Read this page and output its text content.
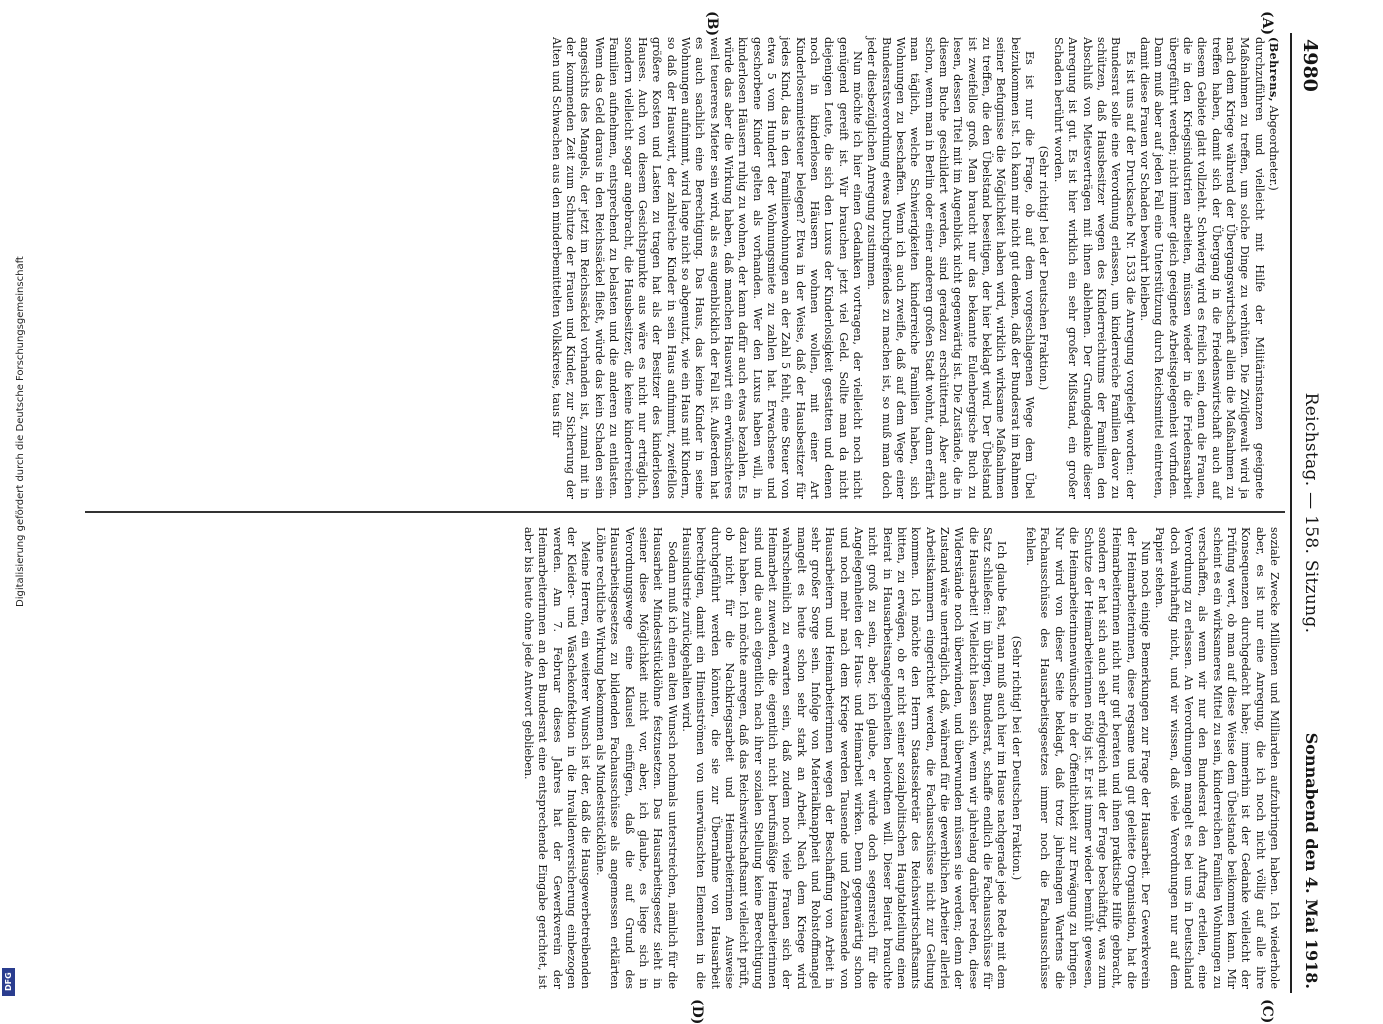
4980
Reichstag. — 158. Sitzung.
Sonnabend den 4. Mai 1918.
(A)
(B)
(C)
(D)

(Behrens, Abgeordneter.)

durchzuführen und vielleicht mit Hilfe der Militärinstanzen geeignete Maßnahmen zu treffen, um solche Dinge zu verhüten. Die Zivilgewalt wird ja nach dem Kriege während der Übergangswirtschaft allein die Maßnahmen zu treffen haben, damit sich der Übergang in die Friedenswirtschaft auch auf diesem Gebiete glatt vollzieht. Schwierig wird es freilich sein, denn die Frauen, die in den Kriegsindustrien arbeiten, müssen wieder in die Friedensarbeit übergeführt werden; nicht immer gleich geeignete Arbeitsgelegenheit vorfinden. Dann muß aber auf jeden Fall eine Unterstützung durch Reichsmittel eintreten, damit diese Frauen vor Schaden bewahrt bleiben.

Es ist uns auf der Drucksache Nr. 1533 die Anregung vorgelegt worden: der Bundesrat solle eine Verordnung erlassen, um kinderreiche Familien davor zu schützen, daß Hausbesitzer wegen des Kinderreichtums der Familien den Abschluß von Mietsverträgen mit ihnen ablehnen. Der Grundgedanke dieser Anregung ist gut. Es ist hier wirklich ein sehr großer Mißstand, ein großer Schaden berührt worden.

(Sehr richtig! bei der Deutschen Fraktion.)

Es ist nur die Frage, ob auf dem vorgeschlagenen Wege dem Übel beizukommen ist. Ich kann mir nicht gut denken, daß der Bundesrat im Rahmen seiner Befugnisse die Möglichkeit haben wird, wirklich wirksame Maßnahmen zu treffen, die den Übelstand beseitigen, der hier beklagt wird. Der Übelstand ist zweifellos groß. Man braucht nur das bekannte Eulenbergische Buch zu lesen, dessen Titel mit im Augenblick nicht gegenwärtig ist. Die Zustände, die in diesem Buche geschildert werden, sind geradezu erschütternd. Aber auch schon, wenn man in Berlin oder einer anderen großen Stadt wohnt, dann erfährt man täglich, welche Schwierigkeiten kinderreiche Familien haben, sich Wohnungen zu beschaffen. Wenn ich auch zweifle, daß auf dem Wege einer Bundesratsverordnung etwas Durchgreifendes zu machen ist, so muß man doch jeder diesbezüglichen Anregung zustimmen.

Nun möchte ich hier einen Gedanken vortragen, der vielleicht noch nicht genügend gereift ist. Wir brauchen jetzt viel Geld. Sollte man da nicht diejenigen Leute, die sich den Luxus der Kinderlosigkeit gestatten und denen noch in kinderlosen Häusern wohnen wollen, mit einer Art Kinderlosenmietsteuer belegen? Etwa in der Weise, daß der Hausbesitzer für jedes Kind, das in den Familienwohnungen an der Zahl 5 fehlt, eine Steuer von etwa 5 vom Hundert der Wohnungsmiete zu zahlen hat. Erwachsene und geschorbene Kinder gelten als vorhanden. Wer den Luxus haben will, in kinderlosen Häusern ruhig zu wohnen, der kann dafür auch etwas bezahlen. Es würde das aber die Wirkung haben, daß manchen Hauswirt ein erwünschteres weil teuereres Mieter sein wird, als es augenblicklich der Fall ist. Außerdem hat es auch sachlich eine Berechtigung. Das Haus, das keine Kinder in seine Wohnungen aufnimmt, wird lange nicht so abgenutzt, wie ein Haus mit Kindern, so daß der Hauswirt, der zahlreiche Kinder in sein Haus aufnimmt, zweifellos größere Kosten und Lasten zu tragen hat als der Besitzer des kinderlosen Hauses. Auch von diesem Gesichtspunkte aus wäre es nicht nur erträglich, sondern vielleicht sogar angebracht, die Hausbesitzer, die keine kinderreichen Familien aufnehmen, entsprechend zu belasten und die anderen zu entlasten. Wenn das Geld daraus in den Reichssäckel fließt, würde das kein Schaden sein angesichts des Mangels, der jetzt im Reichssäckel vorhanden ist, zumal mit in der kommenden Zeit zum Schutze der Frauen und Kinder, zur Sicherung der Alten und Schwachen aus den minderbemittelten Volkskreise, taus für

soziale Zwecke Millionen und Milliarden aufzubringen haben. Ich wiederhole aber, es ist nur eine Anregung, die ich noch nicht völlig auf alle ihre Konsequenzen durchgedacht habe; immerhin ist der Gedanke vielleicht der Prüfung wert, ob man auf diese Weise dem Übelstande beikommen kann. Mir scheint es ein wirksameres Mittel zu sein, kinderreichen Familien Wohnungen zu verschaffen, als wenn wir nur den Bundesrat den Auftrag erteilen, eine Verordnung zu erlassen. An Verordnungen mangelt es bei uns in Deutschland doch wahrhaftig nicht, und wir wissen, daß viele Verordnungen nur auf dem Papier stehen.

Nun noch einige Bemerkungen zur Frage der Hausarbeit. Der Gewerkverein der Heimarbeiterinnen, diese regsame und gut geleitete Organisation, hat die Heimarbeiterinnen nicht nur gut beraten und ihnen praktische Hilfe gebracht, sondern er hat sich auch sehr erfolgreich mit der Frage beschäftigt, was zum Schutze der Heimarbeiterinnen nötig ist. Er ist immer wieder bemüht gewesen, die Heimarbeiterinnenwünsche in der Öffentlichkeit zur Erwägung zu bringen. Nur wird von dieser Seite beklagt, daß trotz jahrelangen Wartens die Fachausschüsse des Hausarbeitsgesetzes immer noch die Fachausschüsse fehlen.

(Sehr richtig! bei der Deutschen Fraktion.)

Ich glaube fast, man muß auch hier im Hause nachgerade jede Rede mit dem Satz schließen: im übrigen, Bundesrat, schaffe endlich die Fachausschüsse für die Hausarbeit! Vielleicht lassen sich, wenn wir jahrelang darüber reden, diese Widerstände noch überwinden, und überwunden müssen sie werden; denn der Zustand wäre unerträglich, daß, während für die gewerblichen Arbeiter allerlei Arbeitskammern eingerichtet werden, die Fachausschüsse nicht zur Geltung kommen. Ich möchte den Herrn Staatssekretär des Reichswirtschaftsamts bitten, zu erwägen, ob er nicht seiner sozialpolitischen Hauptabteilung einen Beirat in Hausarbeitsangelegenheiten beiordnen will. Dieser Beirat brauchte nicht groß zu sein, aber, ich glaube, er würde doch segensreich für die Angelegenheiten der Haus- und Heimarbeit wirken. Denn gegenwärtig schon und noch mehr nach dem Kriege werden Tausende und Zehntausende von Hausarbeitern und Heimarbeiterinnen wegen der Beschaffung von Arbeit in sehr großer Sorge sein. Infolge von Materialknappheit und Rohstoffmangel mangelt es heute schon sehr stark an Arbeit. Nach dem Kriege wird wahrscheinlich zu erwarten sein, daß zudem noch viele Frauen sich der Heimarbeit zuwenden, die eigentlich nicht berufsmäßige Heimarbeiterinnen sind und die auch eigentlich nach ihrer sozialen Stellung keine Berechtigung dazu haben. Ich möchte anregen, daß das Reichswirtschaftsamt vielleicht prüft, ob nicht für die Nachkriegsarbeit und Heimarbeiterinnen Ausweise durchgeführt werden könnten, die sie zur Übernahme von Hausarbeit berechtigen, damit ein Hineinströmen von unerwünschten Elementen in die Hausindustrie zurückgehalten wird.

Sodann muß ich einen alten Wunsch nochmals unterstreichen, nämlich für die Hausarbeit Mindeststücklöhne festzusetzen. Das Hausarbeitsgesetz sieht in seiner diese Möglichkeit nicht vor, aber, ich glaube, es liege sich in Verordnungswege eine Klausel einfügen, daß die auf Grund des Hausarbeitsgesetzes zu bildenden Fachausschüsse als angemessen erklärten Löhne rechtliche Wirkung bekommen als Mindeststücklöhne.

Meine Herren, ein weiterer Wunsch ist der, daß die Hausgewerbetreibenden der Kleider- und Wäschekonfektion in die Invalidenversicherung einbezogen werden. Am 7. Februar dieses Jahres hat der Gewerkverein der Heimarbeiterinnen an den Bundesrat eine entsprechende Eingabe gerichtet, ist aber bis heute ohne jede Antwort geblieben.

Digitalisierung gefördert durch die Deutsche Forschungsgemeinschaft
DFG
